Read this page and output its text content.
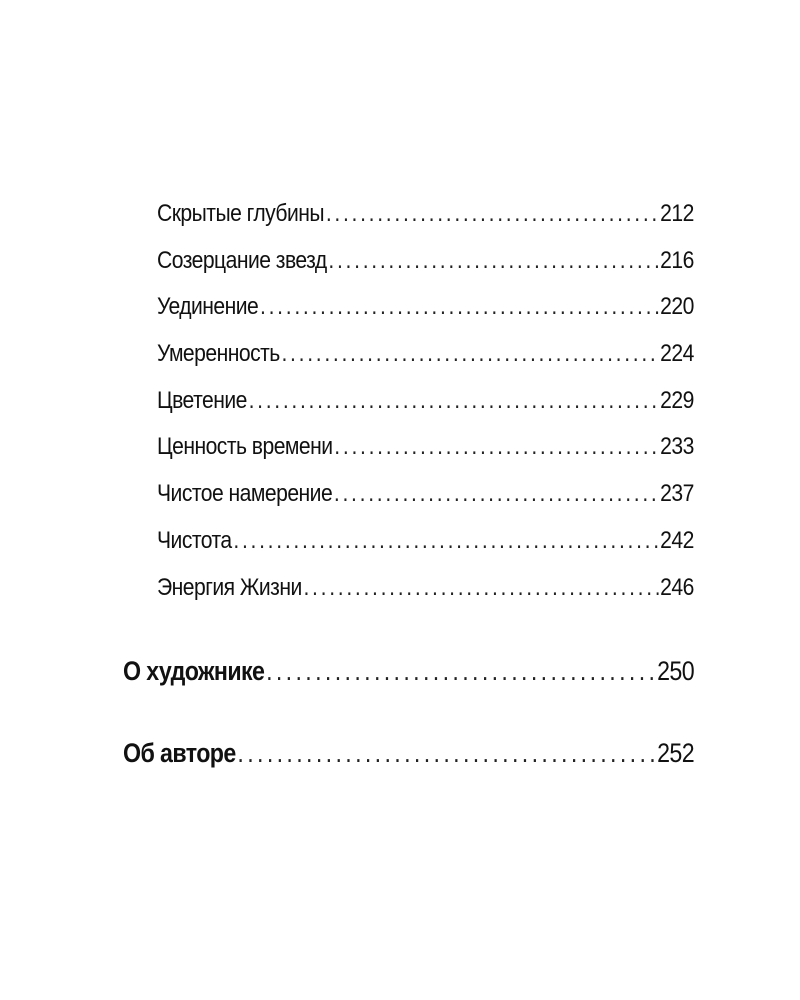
Скрытые глубины . . .	212
Созерцание звезд . . .	216
Уединение . . .	220
Умеренность . . .	224
Цветение . . .	229
Ценность времени . . .	233
Чистое намерение . . .	237
Чистота . . .	242
Энергия Жизни . . .	246
О художнике . . .	250
Об авторе . . .	252
